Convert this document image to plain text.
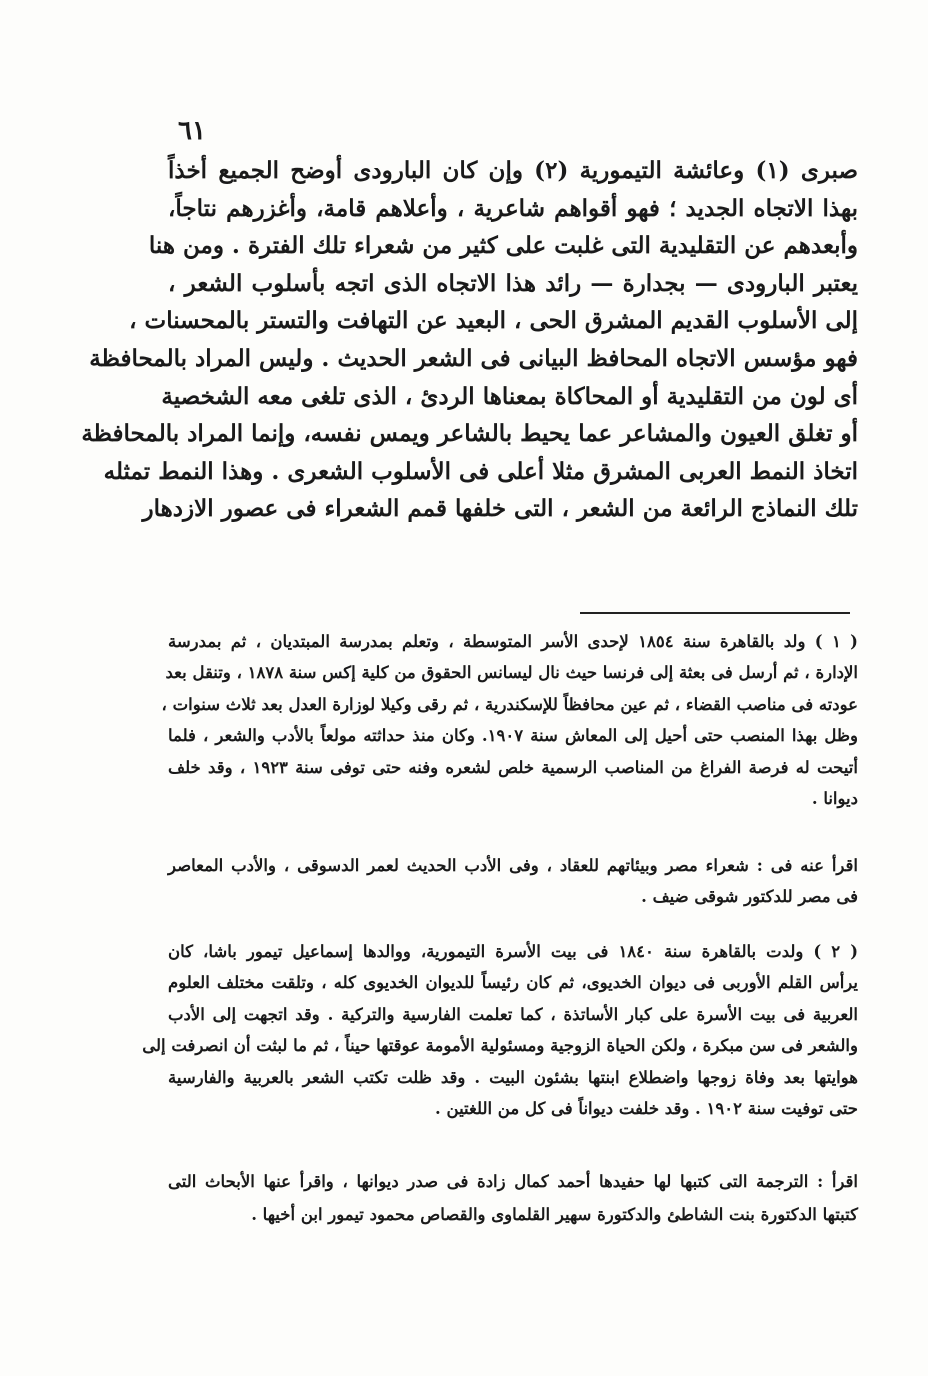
٦١
صبرى (١) وعائشة التيمورية (٢) وإن كان البارودى أوضح الجميع أخذاً
بهذا الاتجاه الجديد ؛ فهو أقواهم شاعرية ، وأعلاهم قامة، وأغزرهم نتاجاً،
وأبعدهم عن التقليدية التى غلبت على كثير من شعراء تلك الفترة . ومن هنا
يعتبر البارودى — بجدارة — رائد هذا الاتجاه الذى اتجه بأسلوب الشعر ،
إلى الأسلوب القديم المشرق الحى ، البعيد عن التهافت والتستر بالمحسنات ،
فهو مؤسس الاتجاه المحافظ البيانى فى الشعر الحديث . وليس المراد بالمحافظة
أى لون من التقليدية أو المحاكاة بمعناها الردئ ، الذى تلغى معه الشخصية
أو تغلق العيون والمشاعر عما يحيط بالشاعر ويمس نفسه، وإنما المراد بالمحافظة
اتخاذ النمط العربى المشرق مثلا أعلى فى الأسلوب الشعرى . وهذا النمط تمثله
تلك النماذج الرائعة من الشعر ، التى خلفها قمم الشعراء فى عصور الازدهار
( ١ ) ولد بالقاهرة سنة ١٨٥٤ لإحدى الأسر المتوسطة ، وتعلم بمدرسة المبتديان ، ثم بمدرسة
الإدارة ، ثم أرسل فى بعثة إلى فرنسا حيث نال ليسانس الحقوق من كلية إكس سنة ١٨٧٨ ، وتنقل بعد
عودته فى مناصب القضاء ، ثم عين محافظاً للإسكندرية ، ثم رقى وكيلا لوزارة العدل بعد ثلاث سنوات ،
وظل بهذا المنصب حتى أحيل إلى المعاش سنة ١٩٠٧. وكان منذ حداثته مولعاً بالأدب والشعر ، فلما
أتيحت له فرصة الفراغ من المناصب الرسمية خلص لشعره وفنه حتى توفى سنة ١٩٢٣ ، وقد خلف
ديوانا .
اقرأ عنه فى : شعراء مصر وبيئاتهم للعقاد ، وفى الأدب الحديث لعمر الدسوقى ، والأدب المعاصر
فى مصر للدكتور شوقى ضيف .
( ٢ ) ولدت بالقاهرة سنة ١٨٤٠ فى بيت الأسرة التيمورية، ووالدها إسماعيل تيمور باشا، كان
يرأس القلم الأوربى فى ديوان الخديوى، ثم كان رئيساً للديوان الخديوى كله ، وتلقت مختلف العلوم
العربية فى بيت الأسرة على كبار الأساتذة ، كما تعلمت الفارسية والتركية . وقد اتجهت إلى الأدب
والشعر فى سن مبكرة ، ولكن الحياة الزوجية ومسئولية الأمومة عوقتها حيناً ، ثم ما لبثت أن انصرفت إلى
هوايتها بعد وفاة زوجها واضطلاع ابنتها بشئون البيت . وقد ظلت تكتب الشعر بالعربية والفارسية
حتى توفيت سنة ١٩٠٢ . وقد خلفت ديواناً فى كل من اللغتين .
اقرأ : الترجمة التى كتبها لها حفيدها أحمد كمال زادة فى صدر ديوانها ، واقرأ عنها الأبحاث التى
كتبتها الدكتورة بنت الشاطئ والدكتورة سهير القلماوى والقصاص محمود تيمور ابن أخيها .
